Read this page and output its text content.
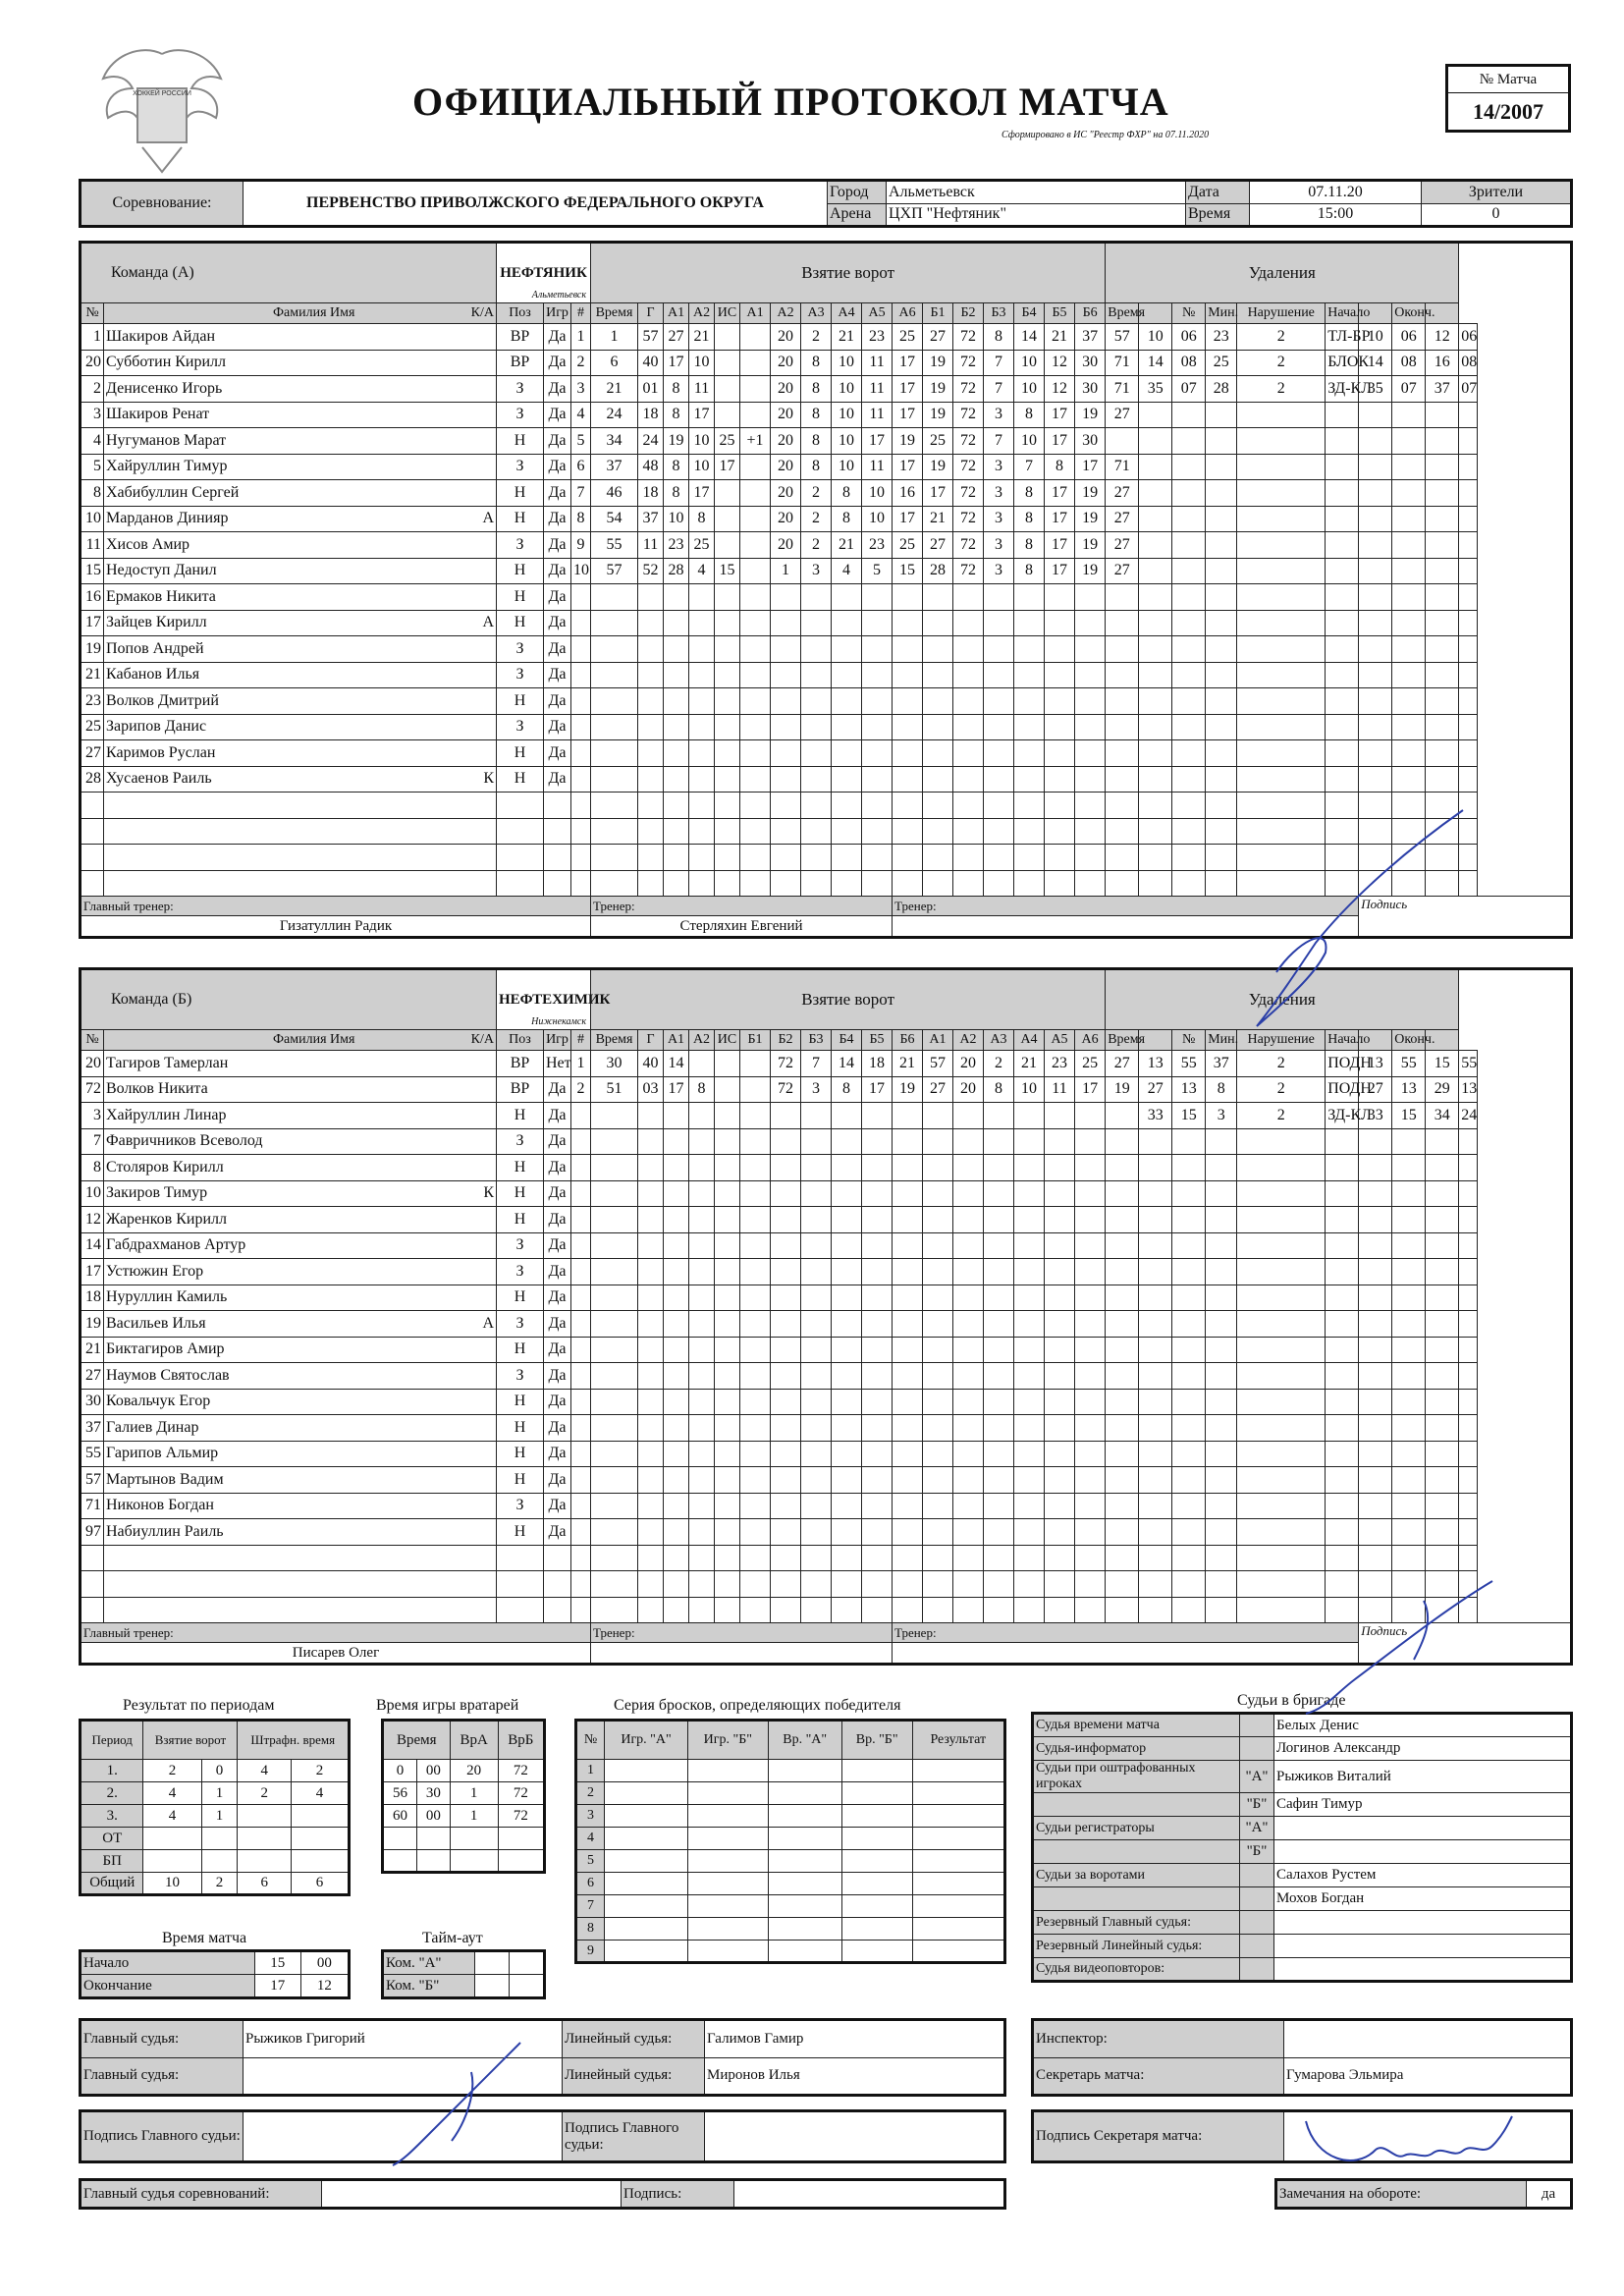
ХОККЕЙ РОССИИ	ОФИЦИАЛЬНЫЙ ПРОТОКОЛ МАТЧА
Сформировано в ИС "Реестр ФХР" на 07.11.2020
№ Матча
14/2007
Соревнование:	ПЕРВЕНСТВО ПРИВОЛЖСКОГО ФЕДЕРАЛЬНОГО ОКРУГА	Город	Альметьевск	Дата	07.11.20	Зрители
		Арена	ЦХП "Нефтяник"	Время	15:00	0
Команда (А)		НЕФТЯНИК
Альметьевск			Взятие ворот																	Удаления									
№	Фамилия Имя К/А	Поз	Игр	#	Время	Г	А1	А2	ИС	А1	А2	А3	А4	А5	А6	Б1	Б2	Б3	Б4	Б5	Б6	Время		№	Мин.	Нарушение	Начало		Оконч.		
1	Шакиров Айдан	ВР	Да	1	1	57	27	21			20	2	21	23	25	27	72	8	14	21	37	57	10	06	23	2	ТЛ-БР	10	06	12	06
20	Субботин Кирилл	ВР	Да	2	6	40	17	10			20	8	10	11	17	19	72	7	10	12	30	71	14	08	25	2	БЛОК	14	08	16	08
2	Денисенко Игорь	З	Да	3	21	01	8	11			20	8	10	11	17	19	72	7	10	12	30	71	35	07	28	2	ЗД-КЛ	35	07	37	07
3	Шакиров Ренат	З	Да	4	24	18	8	17			20	8	10	11	17	19	72	3	8	17	19	27									
4	Нугуманов Марат	Н	Да	5	34	24	19	10	25	+1	20	8	10	17	19	25	72	7	10	17	30										
5	Хайруллин Тимур	З	Да	6	37	48	8	10	17		20	8	10	11	17	19	72	3	7	8	17	71									
8	Хабибуллин Сергей	Н	Да	7	46	18	8	17			20	2	8	10	16	17	72	3	8	17	19	27									
10	Марданов Динияр А	Н	Да	8	54	37	10	8			20	2	8	10	17	21	72	3	8	17	19	27									
11	Хисов Амир	З	Да	9	55	11	23	25			20	2	21	23	25	27	72	3	8	17	19	27									
15	Недоступ Данил	Н	Да	10	57	52	28	4	15		1	3	4	5	15	28	72	3	8	17	19	27									
16	Ермаков Никита	Н	Да																												
17	Зайцев Кирилл А	Н	Да																												
19	Попов Андрей	З	Да																												
21	Кабанов Илья	З	Да																												
23	Волков Дмитрий	Н	Да																												
25	Зарипов Данис	З	Да																												
27	Каримов Руслан	Н	Да																												
28	Хусаенов Раиль К	Н	Да																												

Главный тренер:					Тренер:										Тренер:													Подпись			
Гизатуллин Радик					Стерляхин Евгений																										
Команда (Б)		НЕФТЕХИМИК
Нижнекамск			Взятие ворот																	Удаления									
№	Фамилия Имя К/А	Поз	Игр	#	Время	Г	А1	А2	ИС	Б1	Б2	Б3	Б4	Б5	Б6	А1	А2	А3	А4	А5	А6	Время		№	Мин.	Нарушение	Начало		Оконч.		
20	Тагиров Тамерлан	ВР	Нет	1	30	40	14				72	7	14	18	21	57	20	2	21	23	25	27	13	55	37	2	ПОДН	13	55	15	55
72	Волков Никита	ВР	Да	2	51	03	17	8			72	3	8	17	19	27	20	8	10	11	17	19	27	13	8	2	ПОДН	27	13	29	13
3	Хайруллин Линар	Н	Да																				33	15	3	2	ЗД-КЛ	33	15	34	24
7	Фавричников Всеволод	З	Да																												
8	Столяров Кирилл	Н	Да																												
10	Закиров Тимур К	Н	Да																												
12	Жаренков Кирилл	Н	Да																												
14	Габдрахманов Артур	З	Да																												
17	Устюжин Егор	З	Да																												
18	Нуруллин Камиль	Н	Да																												
19	Васильев Илья А	З	Да																												
21	Биктагиров Амир	Н	Да																												
27	Наумов Святослав	З	Да																												
30	Ковальчук Егор	Н	Да																												
37	Галиев Динар	Н	Да																												
55	Гарипов Альмир	Н	Да																												
57	Мартынов Вадим	Н	Да																												
71	Никонов Богдан	З	Да																												
97	Набиуллин Раиль	Н	Да																												

Главный тренер:					Тренер:										Тренер:													Подпись			
Писарев Олег																															
Результат по периодам
Период	Взятие ворот		Штрафн. время	
1.	2	0	4	2
2.	4	1	2	4
3.	4	1		
ОТ				
БП				
Общий	10	2	6	6
Время игры вратарей
Время		ВрА	ВрБ
0	00	20	72
56	30	1	72
60	00	1	72

Серия бросков, определяющих победителя
№	Игр. "А"	Игр. "Б"	Вр. "А"	Вр. "Б"	Результат
1					
2					
3					
4					
5					
6					
7					
8					
9					
Судьи в бригаде
Судья времени матча		Белых Денис
Судья-информатор		Логинов Александр
Судьи при оштрафованных игроках	"А"	Рыжиков Виталий
	"Б"	Сафин Тимур
Судьи регистраторы	"А"	
	"Б"	
Судьи за воротами		Салахов Рустем
		Мохов Богдан
Резервный Главный судья:		
Резервный Линейный судья:		
Судья видеоповторов:		
Время матча
Начало	15	00
Окончание	17	12
Тайм-аут
Ком. "А"		
Ком. "Б"		
Главный судья:	Рыжиков Григорий	Линейный судья:	Галимов Гамир
Главный судья:		Линейный судья:	Миронов Илья
Инспектор:	
Секретарь матча:	Гумарова Эльмира
Подпись Главного судьи:		Подпись Главного судьи:	
Подпись Секретаря матча:	
Главный судья соревнований:		Подпись:		Замечания на обороте:	да
